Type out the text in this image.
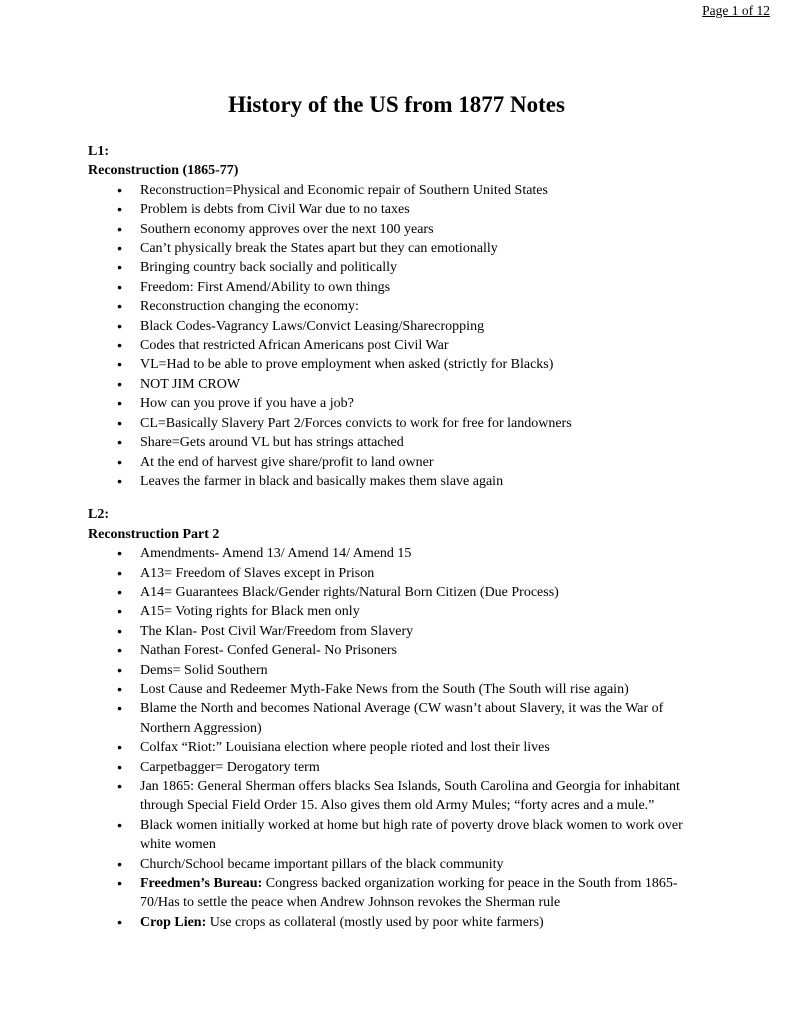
Page 1 of 12
History of the US from 1877 Notes
L1:
Reconstruction (1865-77)
● Reconstruction=Physical and Economic repair of Southern United States
● Problem is debts from Civil War due to no taxes
● Southern economy approves over the next 100 years
● Can’t physically break the States apart but they can emotionally
● Bringing country back socially and politically
● Freedom: First Amend/Ability to own things
● Reconstruction changing the economy:
● Black Codes-Vagrancy Laws/Convict Leasing/Sharecropping
● Codes that restricted African Americans post Civil War
● VL=Had to be able to prove employment when asked (strictly for Blacks)
● NOT JIM CROW
● How can you prove if you have a job?
● CL=Basically Slavery Part 2/Forces convicts to work for free for landowners
● Share=Gets around VL but has strings attached
● At the end of harvest give share/profit to land owner
● Leaves the farmer in black and basically makes them slave again
L2:
Reconstruction Part 2
● Amendments- Amend 13/ Amend 14/ Amend 15
● A13= Freedom of Slaves except in Prison
● A14= Guarantees Black/Gender rights/Natural Born Citizen (Due Process)
● A15= Voting rights for Black men only
● The Klan- Post Civil War/Freedom from Slavery
● Nathan Forest- Confed General- No Prisoners
● Dems= Solid Southern
● Lost Cause and Redeemer Myth-Fake News from the South (The South will rise again)
● Blame the North and becomes National Average (CW wasn’t about Slavery, it was the War of Northern Aggression)
● Colfax “Riot:” Louisiana election where people rioted and lost their lives
● Carpetbagger= Derogatory term
● Jan 1865: General Sherman offers blacks Sea Islands, South Carolina and Georgia for inhabitant through Special Field Order 15. Also gives them old Army Mules; “forty acres and a mule.”
● Black women initially worked at home but high rate of poverty drove black women to work over white women
● Church/School became important pillars of the black community
● Freedmen’s Bureau: Congress backed organization working for peace in the South from 1865-70/Has to settle the peace when Andrew Johnson revokes the Sherman rule
● Crop Lien: Use crops as collateral (mostly used by poor white farmers)
